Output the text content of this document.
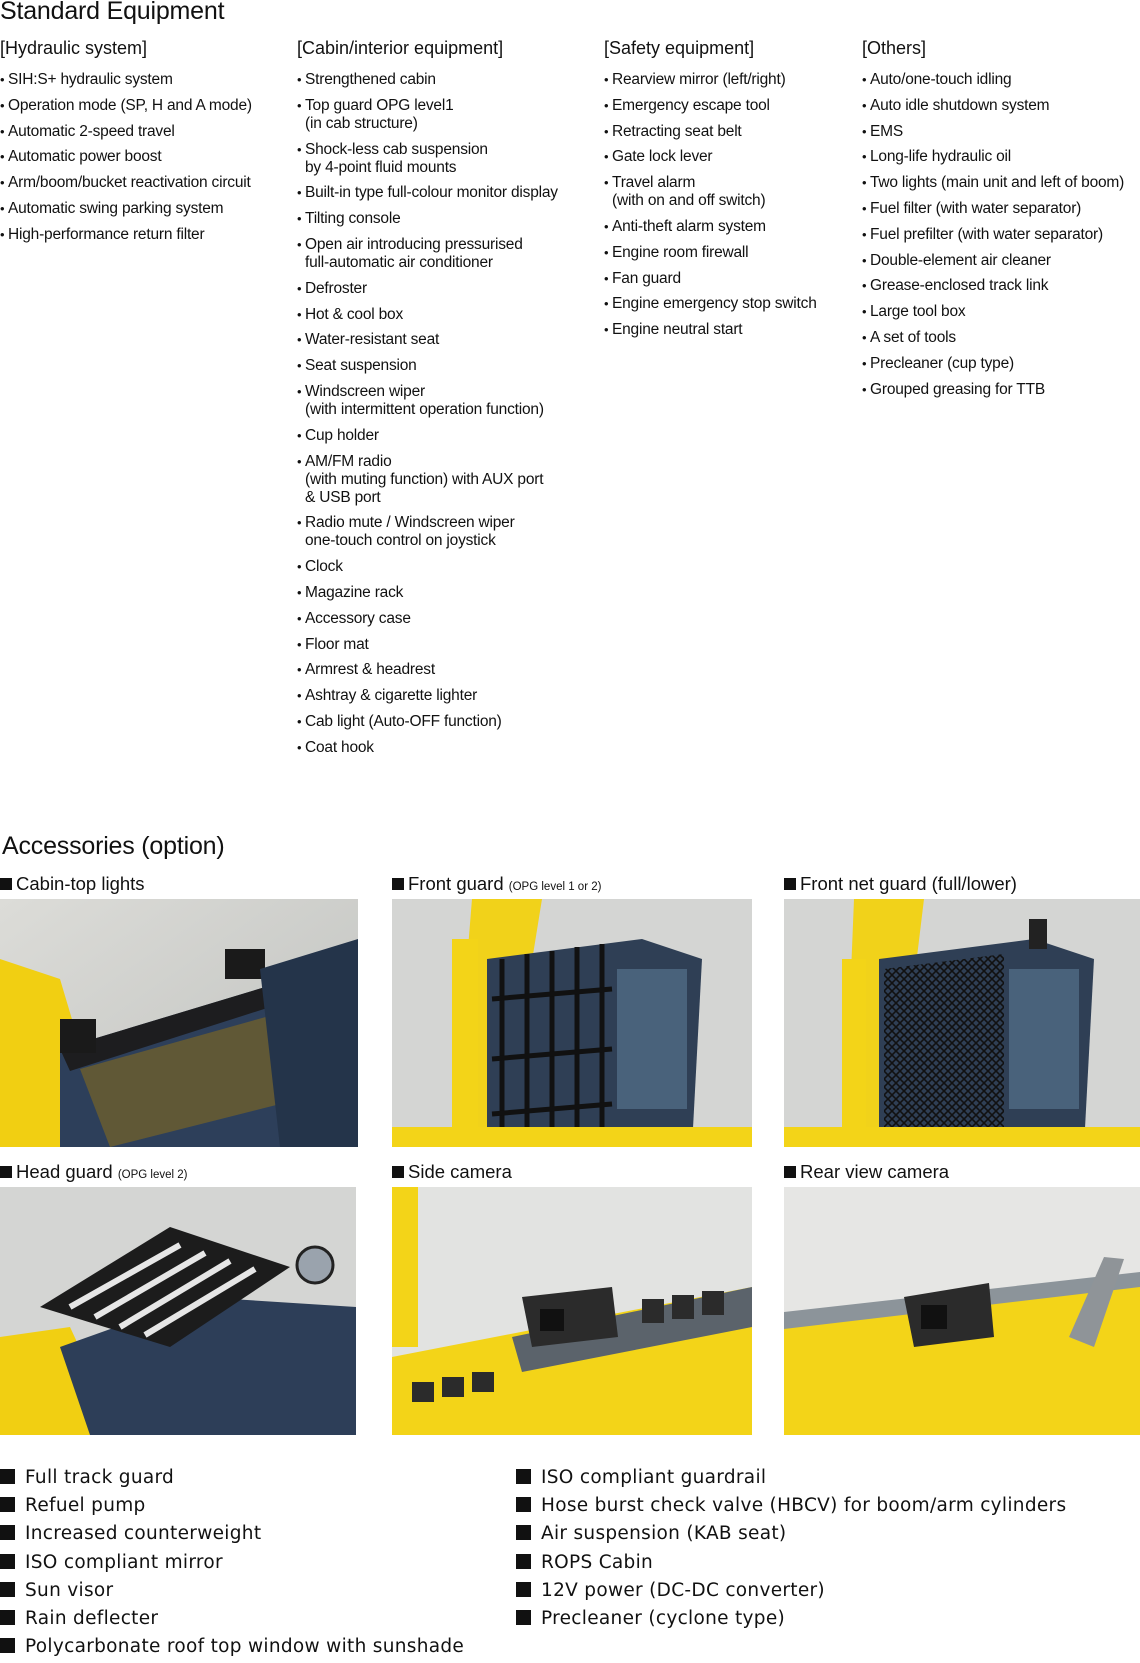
Standard Equipment
[Hydraulic system]
• SIH:S+ hydraulic system
• Operation mode (SP, H and A mode)
• Automatic 2-speed travel
• Automatic power boost
• Arm/boom/bucket reactivation circuit
• Automatic swing parking system
• High-performance return filter
[Cabin/interior equipment]
• Strengthened cabin
• Top guard OPG level1
(in cab structure)
• Shock-less cab suspension
by 4-point fluid mounts
• Built-in type full-colour monitor display
• Tilting console
• Open air introducing pressurised
full-automatic air conditioner
• Defroster
• Hot & cool box
• Water-resistant seat
• Seat suspension
• Windscreen wiper
(with intermittent operation function)
• Cup holder
• AM/FM radio
(with muting function) with AUX port
& USB port
• Radio mute / Windscreen wiper
one-touch control on joystick
• Clock
• Magazine rack
• Accessory case
• Floor mat
• Armrest & headrest
• Ashtray & cigarette lighter
• Cab light (Auto-OFF function)
• Coat hook
[Safety equipment]
• Rearview mirror (left/right)
• Emergency escape tool
• Retracting seat belt
• Gate lock lever
• Travel alarm
(with on and off switch)
• Anti-theft alarm system
• Engine room firewall
• Fan guard
• Engine emergency stop switch
• Engine neutral start
[Others]
• Auto/one-touch idling
• Auto idle shutdown system
• EMS
• Long-life hydraulic oil
• Two lights (main unit and left of boom)
• Fuel filter (with water separator)
• Fuel prefilter (with water separator)
• Double-element air cleaner
• Grease-enclosed track link
• Large tool box
• A set of tools
• Precleaner (cup type)
• Grouped greasing for TTB
Accessories (option)
Cabin-top lights	Front guard (OPG level 1 or 2)	Front net guard (full/lower)
Head guard (OPG level 2)	Side camera	Rear view camera
Full track guard
Refuel pump
Increased counterweight
ISO compliant mirror
Sun visor
Rain deflecter
Polycarbonate roof top window with sunshade
ISO compliant guardrail
Hose burst check valve (HBCV) for boom/arm cylinders
Air suspension (KAB seat)
ROPS Cabin
12V power (DC-DC converter)
Precleaner (cyclone type)
